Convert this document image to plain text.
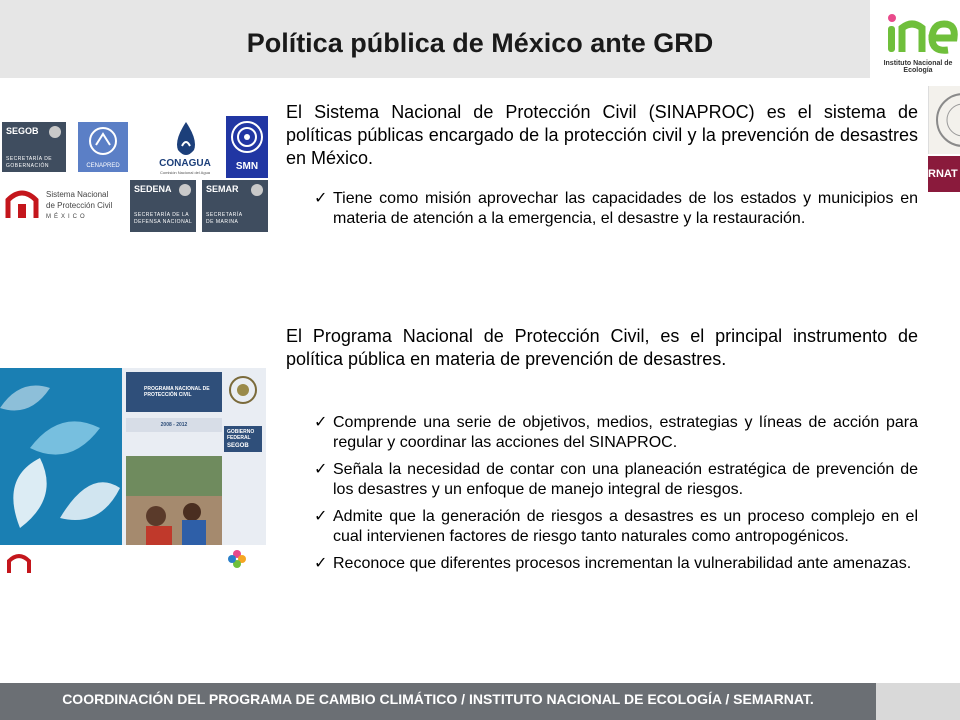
Política pública de México ante GRD
Instituto Nacional de Ecología
RNAT
SEGOB
SECRETARÍA DE GOBERNACIÓN	CENAPRED	CONAGUA
Comisión Nacional del Agua
SMN
Sistema Nacional
de Protección Civil
MÉXICO
SEDENA
SECRETARÍA DE LA
DEFENSA NACIONAL
SEMAR
SECRETARÍA
DE MARINA
PROGRAMA NACIONAL DE
PROTECCIÓN CIVIL
GOBIERNO
FEDERAL
SEGOB
2008 - 2012

El Sistema Nacional de Protección Civil (SINAPROC) es el sistema de políticas públicas encargado de la protección civil y la prevención de desastres en México.

✓ Tiene como misión aprovechar las capacidades de los estados y municipios en materia de atención a la emergencia, el desastre y la restauración.

El Programa Nacional de Protección Civil, es el principal instrumento de política pública en materia de prevención de desastres.

✓ Comprende una serie de objetivos, medios, estrategias y líneas de acción para regular y coordinar las acciones del SINAPROC.
✓ Señala la necesidad de contar con una planeación estratégica de prevención de los desastres y un enfoque de manejo integral de riesgos.
✓ Admite que la generación de riesgos a desastres es un proceso complejo en el cual intervienen factores de riesgo tanto naturales como antropogénicos.
✓ Reconoce que diferentes procesos incrementan la vulnerabilidad ante amenazas.
COORDINACIÓN DEL PROGRAMA DE CAMBIO CLIMÁTICO / INSTITUTO NACIONAL DE ECOLOGÍA / SEMARNAT.
